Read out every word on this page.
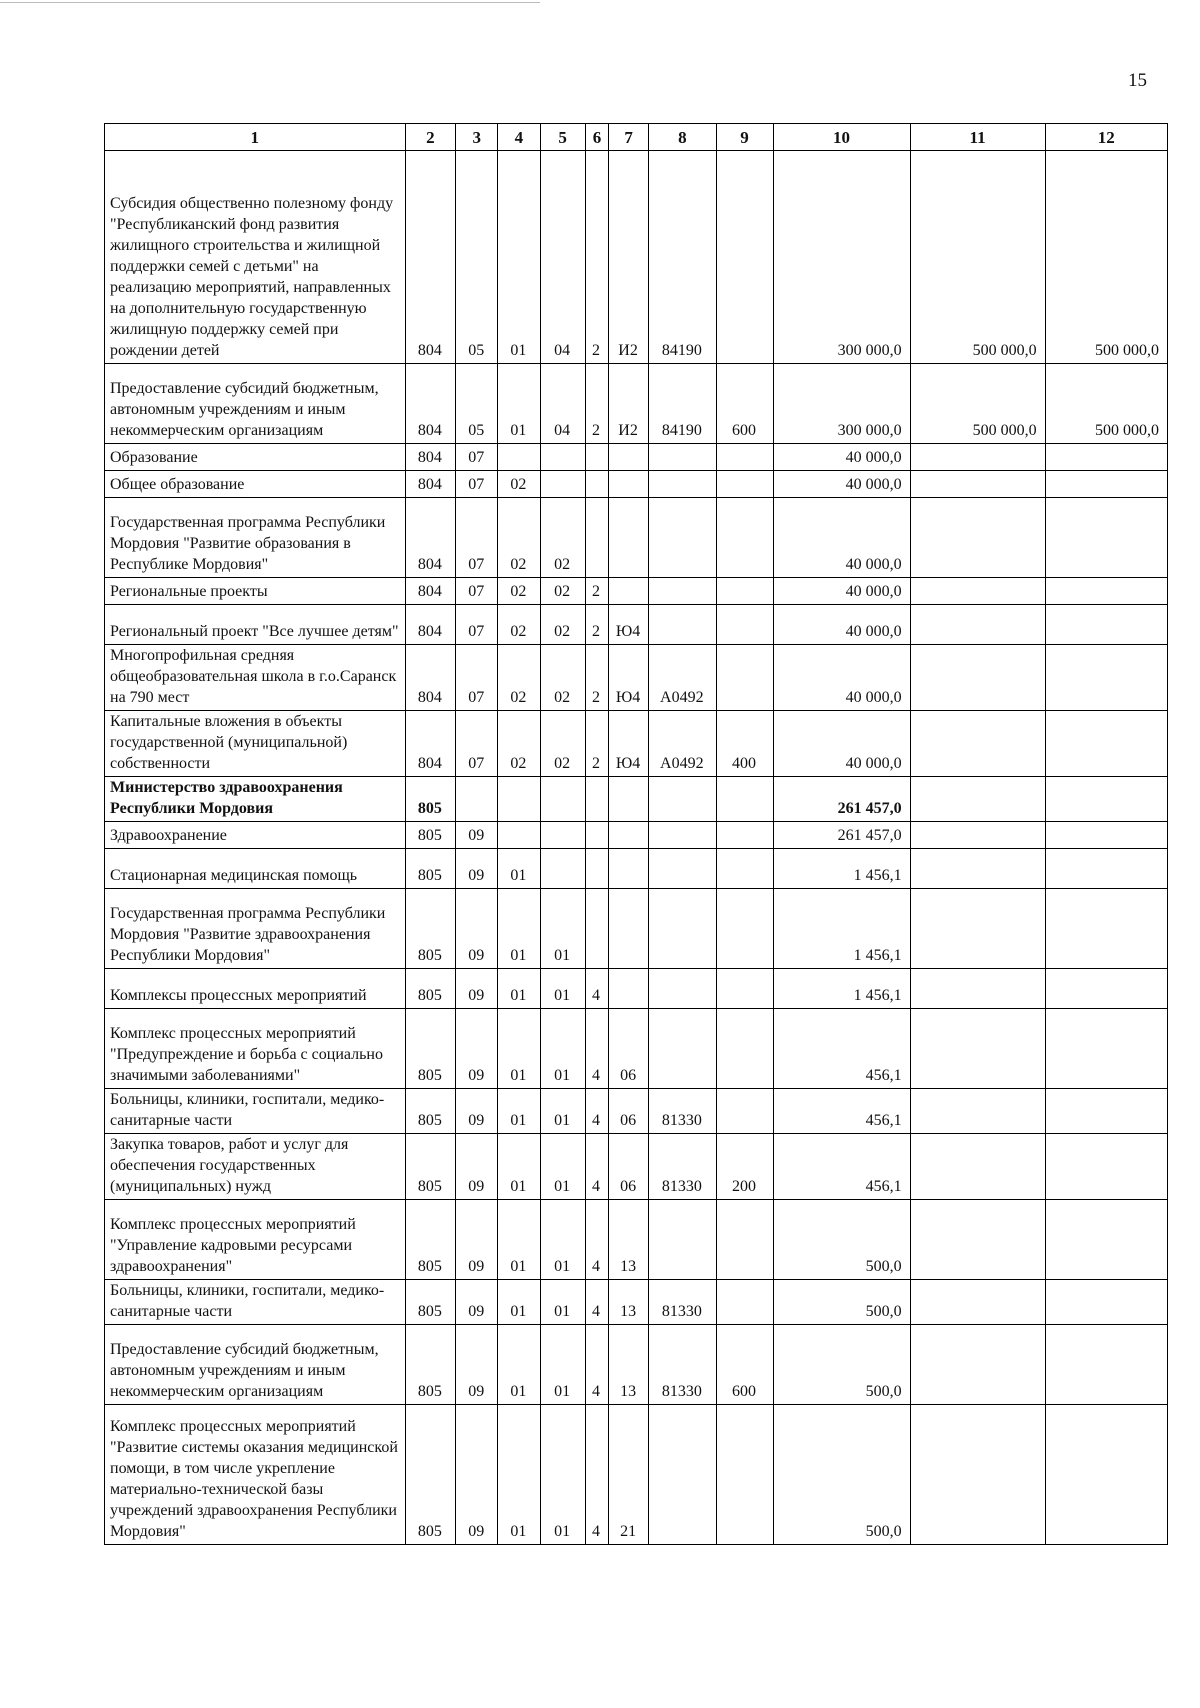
15
1	2	3	4	5	6	7	8	9	10	11	12
Субсидия общественно полезному фонду "Республиканский фонд развития жилищного строительства и жилищной поддержки семей с детьми" на реализацию мероприятий, направленных на дополнительную государственную жилищную поддержку семей при рождении детей	804	05	01	04	2	И2	84190		300 000,0	500 000,0	500 000,0
Предоставление субсидий бюджетным, автономным учреждениям и иным некоммерческим организациям	804	05	01	04	2	И2	84190	600	300 000,0	500 000,0	500 000,0
Образование	804	07							40 000,0		
Общее образование	804	07	02						40 000,0		
Государственная программа Республики Мордовия "Развитие образования в Республике Мордовия"	804	07	02	02					40 000,0		
Региональные проекты	804	07	02	02	2				40 000,0		
Региональный проект "Все лучшее детям"	804	07	02	02	2	Ю4			40 000,0		
Многопрофильная средняя общеобразовательная школа в г.о.Саранск на 790 мест	804	07	02	02	2	Ю4	А0492		40 000,0		
Капитальные вложения в объекты государственной (муниципальной) собственности	804	07	02	02	2	Ю4	А0492	400	40 000,0		
Министерство здравоохранения Республики Мордовия	805								261 457,0		
Здравоохранение	805	09							261 457,0		
Стационарная медицинская помощь	805	09	01						1 456,1		
Государственная программа Республики Мордовия "Развитие здравоохранения Республики Мордовия"	805	09	01	01					1 456,1		
Комплексы процессных мероприятий	805	09	01	01	4				1 456,1		
Комплекс процессных мероприятий "Предупреждение и борьба с социально значимыми заболеваниями"	805	09	01	01	4	06			456,1		
Больницы, клиники, госпитали, медико-санитарные части	805	09	01	01	4	06	81330		456,1		
Закупка товаров, работ и услуг для обеспечения государственных (муниципальных) нужд	805	09	01	01	4	06	81330	200	456,1		
Комплекс процессных мероприятий "Управление кадровыми ресурсами здравоохранения"	805	09	01	01	4	13			500,0		
Больницы, клиники, госпитали, медико-санитарные части	805	09	01	01	4	13	81330		500,0		
Предоставление субсидий бюджетным, автономным учреждениям и иным некоммерческим организациям	805	09	01	01	4	13	81330	600	500,0		
Комплекс процессных мероприятий "Развитие системы оказания медицинской помощи, в том числе укрепление материально-технической базы учреждений здравоохранения Республики Мордовия"	805	09	01	01	4	21			500,0		
